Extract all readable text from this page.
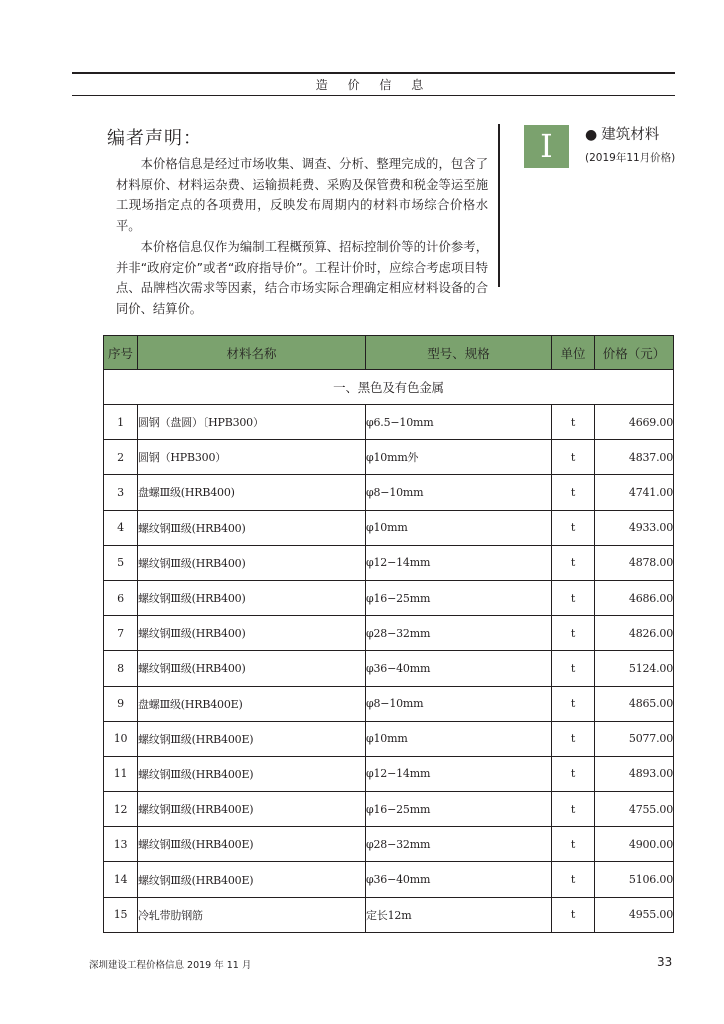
造 价 信 息
编者声明：

本价格信息是经过市场收集、调查、分析、整理完成的，包含了材料原价、材料运杂费、运输损耗费、采购及保管费和税金等运至施工现场指定点的各项费用，反映发布周期内的材料市场综合价格水平。

本价格信息仅作为编制工程概预算、招标控制价等的计价参考，并非“政府定价”或者“政府指导价”。工程计价时，应综合考虑项目特点、品牌档次需求等因素，结合市场实际合理确定相应材料设备的合同价、结算价。

I	● 建筑材料
(2019年11月价格)
序号	材料名称	型号、规格	单位	价格（元）
一、黑色及有色金属				
1	圆钢（盘圆）〔HPB300）	φ6.5−10mm	t	4669.00
2	圆钢（HPB300）	φ10mm外	t	4837.00
3	盘螺Ⅲ级(HRB400)	φ8−10mm	t	4741.00
4	螺纹钢Ⅲ级(HRB400)	φ10mm	t	4933.00
5	螺纹钢Ⅲ级(HRB400)	φ12−14mm	t	4878.00
6	螺纹钢Ⅲ级(HRB400)	φ16−25mm	t	4686.00
7	螺纹钢Ⅲ级(HRB400)	φ28−32mm	t	4826.00
8	螺纹钢Ⅲ级(HRB400)	φ36−40mm	t	5124.00
9	盘螺Ⅲ级(HRB400E)	φ8−10mm	t	4865.00
10	螺纹钢Ⅲ级(HRB400E)	φ10mm	t	5077.00
11	螺纹钢Ⅲ级(HRB400E)	φ12−14mm	t	4893.00
12	螺纹钢Ⅲ级(HRB400E)	φ16−25mm	t	4755.00
13	螺纹钢Ⅲ级(HRB400E)	φ28−32mm	t	4900.00
14	螺纹钢Ⅲ级(HRB400E)	φ36−40mm	t	5106.00
15	冷轧带肋钢筋	定长12m	t	4955.00
深圳建设工程价格信息 2019 年 11 月	33
